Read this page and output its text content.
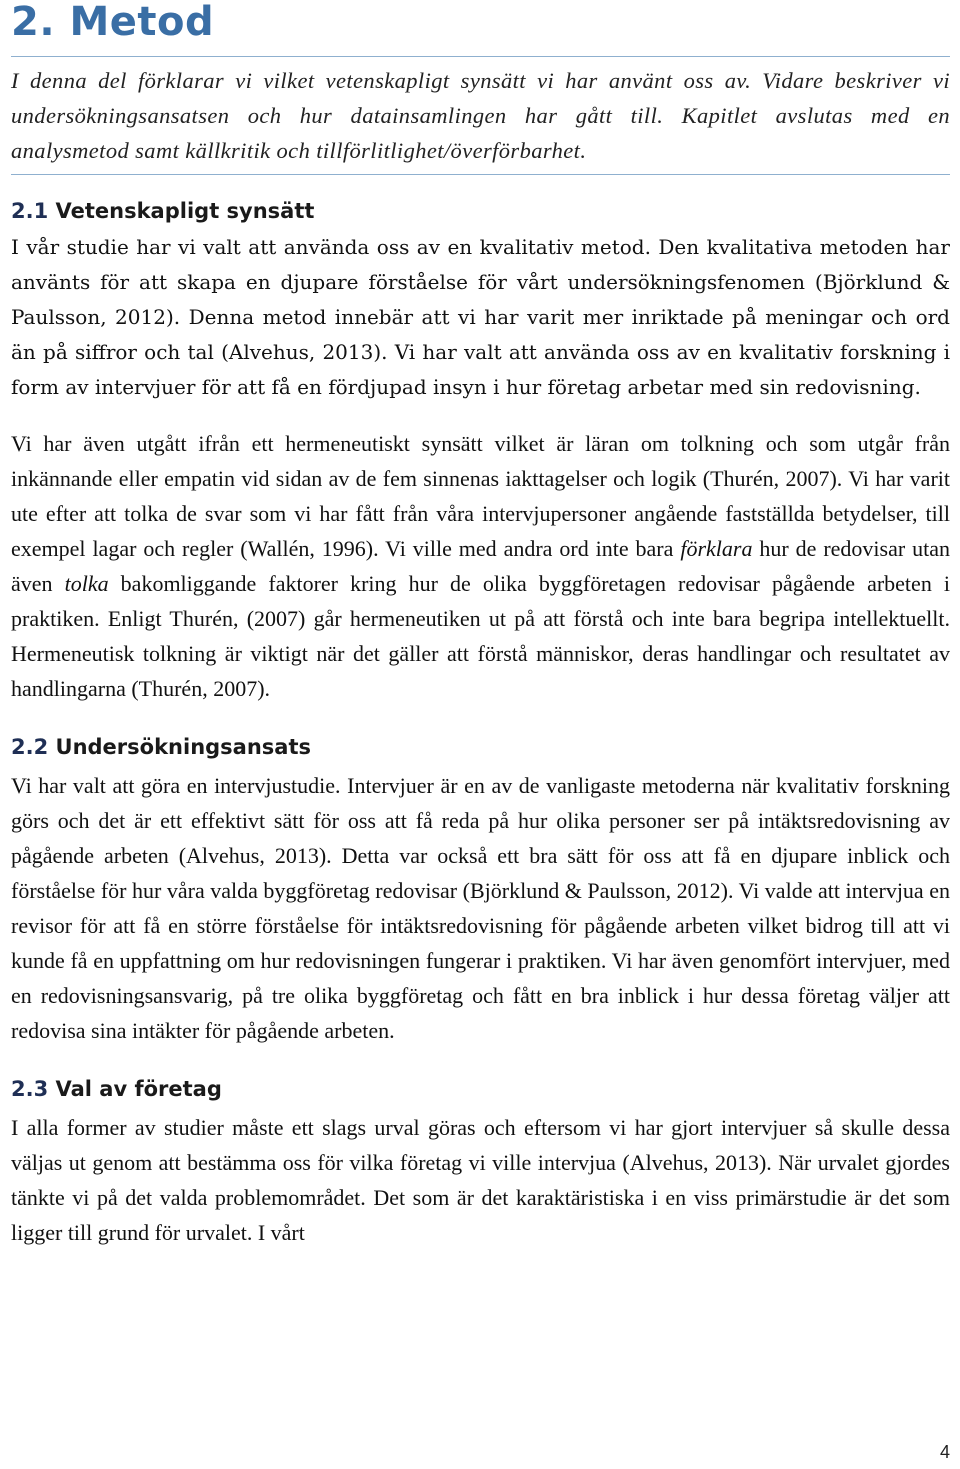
2. Metod

I denna del förklarar vi vilket vetenskapligt synsätt vi har använt oss av. Vidare beskriver vi undersökningsansatsen och hur datainsamlingen har gått till. Kapitlet avslutas med en analysmetod samt källkritik och tillförlitlighet/överförbarhet.

2.1 Vetenskapligt synsätt

I vår studie har vi valt att använda oss av en kvalitativ metod. Den kvalitativa metoden har använts för att skapa en djupare förståelse för vårt undersökningsfenomen (Björklund & Paulsson, 2012). Denna metod innebär att vi har varit mer inriktade på meningar och ord än på siffror och tal (Alvehus, 2013). Vi har valt att använda oss av en kvalitativ forskning i form av intervjuer för att få en fördjupad insyn i hur företag arbetar med sin redovisning.

Vi har även utgått ifrån ett hermeneutiskt synsätt vilket är läran om tolkning och som utgår från inkännande eller empatin vid sidan av de fem sinnenas iakttagelser och logik (Thurén, 2007). Vi har varit ute efter att tolka de svar som vi har fått från våra intervjupersoner angående fastställda betydelser, till exempel lagar och regler (Wallén, 1996). Vi ville med andra ord inte bara förklara hur de redovisar utan även tolka bakomliggande faktorer kring hur de olika byggföretagen redovisar pågående arbeten i praktiken. Enligt Thurén, (2007) går hermeneutiken ut på att förstå och inte bara begripa intellektuellt. Hermeneutisk tolkning är viktigt när det gäller att förstå människor, deras handlingar och resultatet av handlingarna (Thurén, 2007).

2.2 Undersökningsansats

Vi har valt att göra en intervjustudie. Intervjuer är en av de vanligaste metoderna när kvalitativ forskning görs och det är ett effektivt sätt för oss att få reda på hur olika personer ser på intäktsredovisning av pågående arbeten (Alvehus, 2013). Detta var också ett bra sätt för oss att få en djupare inblick och förståelse för hur våra valda byggföretag redovisar (Björklund & Paulsson, 2012). Vi valde att intervjua en revisor för att få en större förståelse för intäktsredovisning för pågående arbeten vilket bidrog till att vi kunde få en uppfattning om hur redovisningen fungerar i praktiken. Vi har även genomfört intervjuer, med en redovisningsansvarig, på tre olika byggföretag och fått en bra inblick i hur dessa företag väljer att redovisa sina intäkter för pågående arbeten.

2.3 Val av företag

I alla former av studier måste ett slags urval göras och eftersom vi har gjort intervjuer så skulle dessa väljas ut genom att bestämma oss för vilka företag vi ville intervjua (Alvehus, 2013). När urvalet gjordes tänkte vi på det valda problemområdet. Det som är det karaktäristiska i en viss primärstudie är det som ligger till grund för urvalet. I vårt

4
